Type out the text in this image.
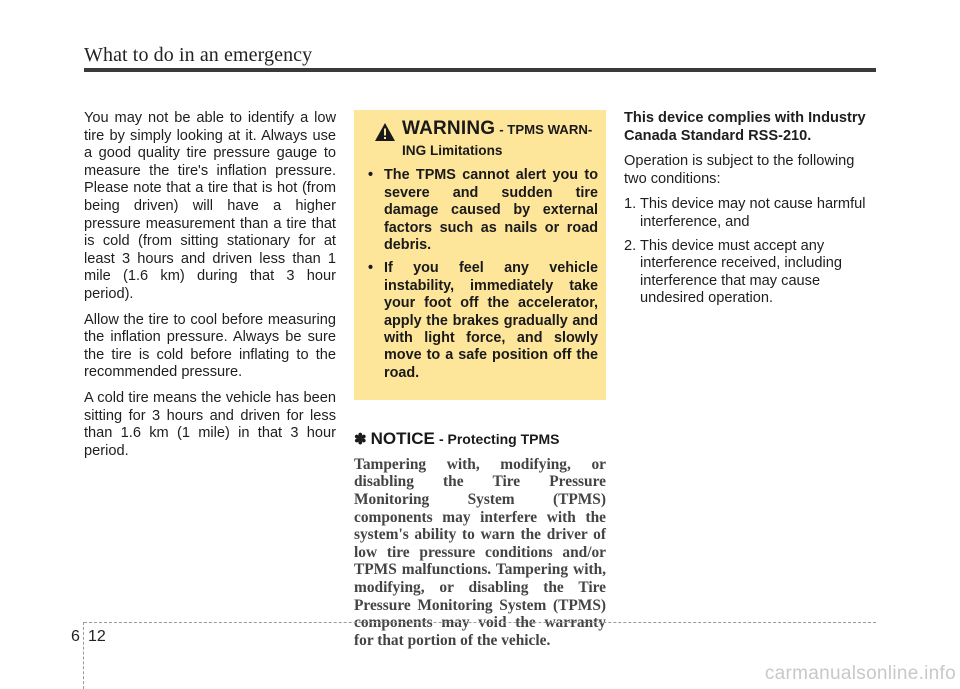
What to do in an emergency

You may not be able to identify a low tire by simply looking at it. Always use a good quality tire pressure gauge to measure the tire's inflation pressure. Please note that a tire that is hot (from being driven) will have a higher pressure measurement than a tire that is cold (from sitting stationary for at least 3 hours and driven less than 1 mile (1.6 km) during that 3 hour period).

Allow the tire to cool before measuring the inflation pressure. Always be sure the tire is cold before inflating to the recommended pressure.

A cold tire means the vehicle has been sitting for 3 hours and driven for less than 1.6 km (1 mile) in that 3 hour period.

WARNING - TPMS WARN-
ING Limitations
• The TPMS cannot alert you to severe and sudden tire damage caused by external factors such as nails or road debris.
• If you feel any vehicle instability, immediately take your foot off the accelerator, apply the brakes gradually and with light force, and slowly move to a safe position off the road.
✽ NOTICE - Protecting TPMS
Tampering with, modifying, or disabling the Tire Pressure Monitoring System (TPMS) components may interfere with the system's ability to warn the driver of low tire pressure conditions and/or TPMS malfunctions. Tampering with, modifying, or disabling the Tire Pressure Monitoring System (TPMS) components may void the warranty for that portion of the vehicle.
This device complies with Industry Canada Standard RSS-210.

Operation is subject to the following two conditions:

1. This device may not cause harmful interference, and
2. This device must accept any interference received, including interference that may cause undesired operation.
6 12
carmanualsonline.info
